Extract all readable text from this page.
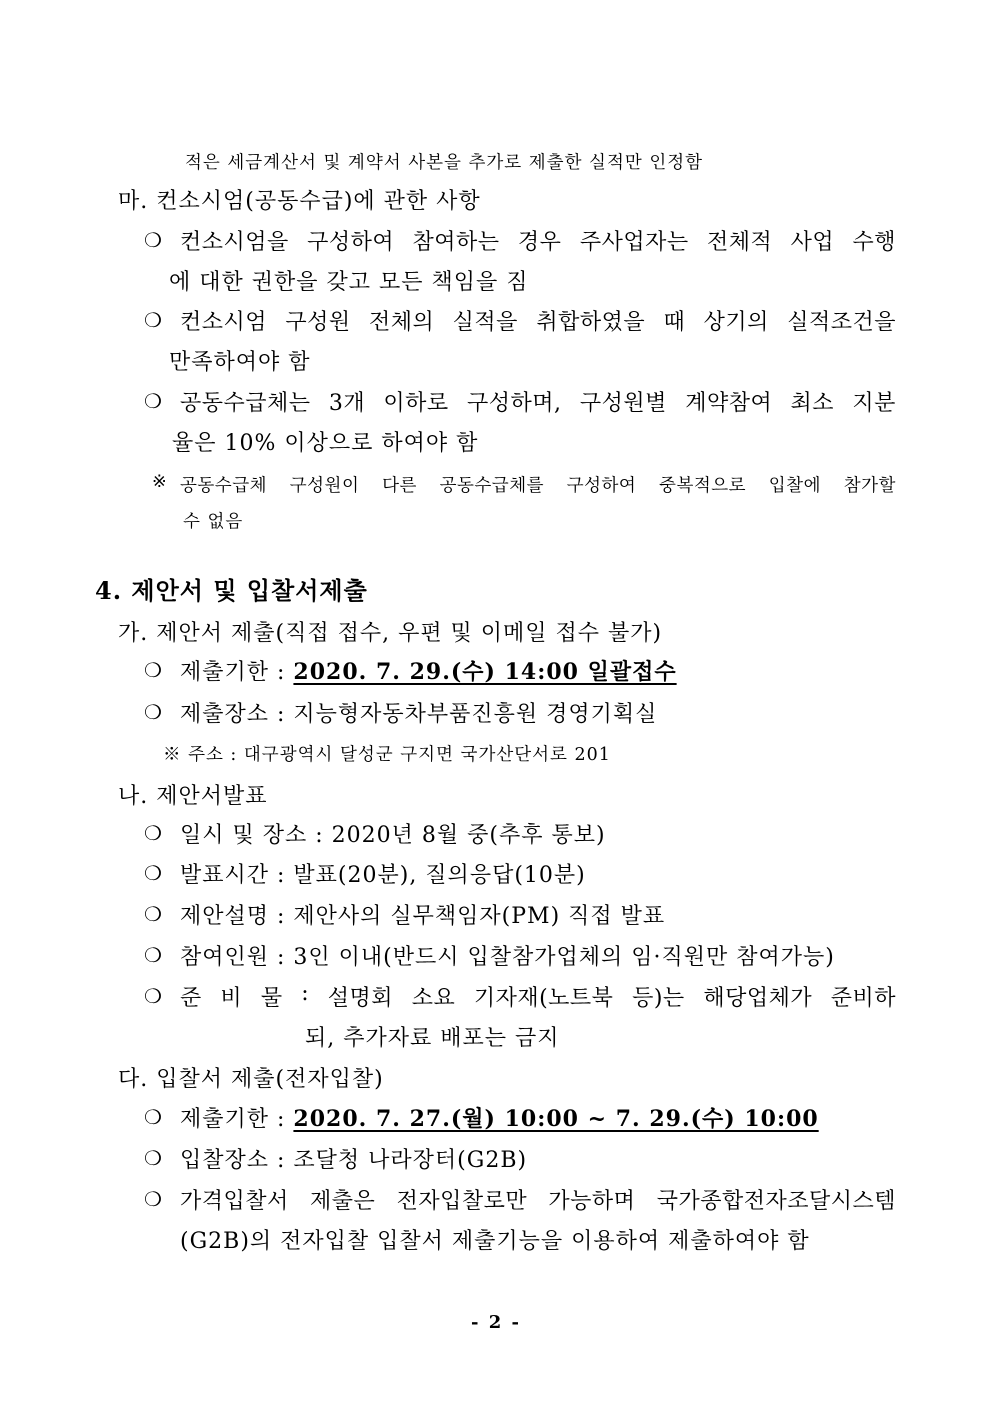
적은 세금계산서 및 계약서 사본을 추가로 제출한 실적만 인정함
마. 컨소시엄(공동수급)에 관한 사항
❍ 컨소시엄을 구성하여 참여하는 경우 주사업자는 전체적 사업 수행
에 대한 권한을 갖고 모든 책임을 짐
❍ 컨소시엄 구성원 전체의 실적을 취합하였을 때 상기의 실적조건을
만족하여야 함
❍ 공동수급체는 3개 이하로 구성하며, 구성원별 계약참여 최소 지분
율은 10% 이상으로 하여야 함
※ 공동수급체 구성원이 다른 공동수급체를 구성하여 중복적으로 입찰에 참가할
수 없음
4. 제안서 및 입찰서제출
가. 제안서 제출(직접 접수, 우편 및 이메일 접수 불가)
❍ 제출기한 : 2020. 7. 29.(수) 14:00 일괄접수
❍ 제출장소 : 지능형자동차부품진흥원 경영기획실
※ 주소 : 대구광역시 달성군 구지면 국가산단서로 201
나. 제안서발표
❍ 일시 및 장소 : 2020년 8월 중(추후 통보)
❍ 발표시간 : 발표(20분), 질의응답(10분)
❍ 제안설명 : 제안사의 실무책임자(PM) 직접 발표
❍ 참여인원 : 3인 이내(반드시 입찰참가업체의 임·직원만 참여가능)
❍ 준 비 물 : 설명회 소요 기자재(노트북 등)는 해당업체가 준비하
되, 추가자료 배포는 금지
다. 입찰서 제출(전자입찰)
❍ 제출기한 : 2020. 7. 27.(월) 10:00 ~ 7. 29.(수) 10:00
❍ 입찰장소 : 조달청 나라장터(G2B)
❍ 가격입찰서 제출은 전자입찰로만 가능하며 국가종합전자조달시스템
(G2B)의 전자입찰 입찰서 제출기능을 이용하여 제출하여야 함
- 2 -
